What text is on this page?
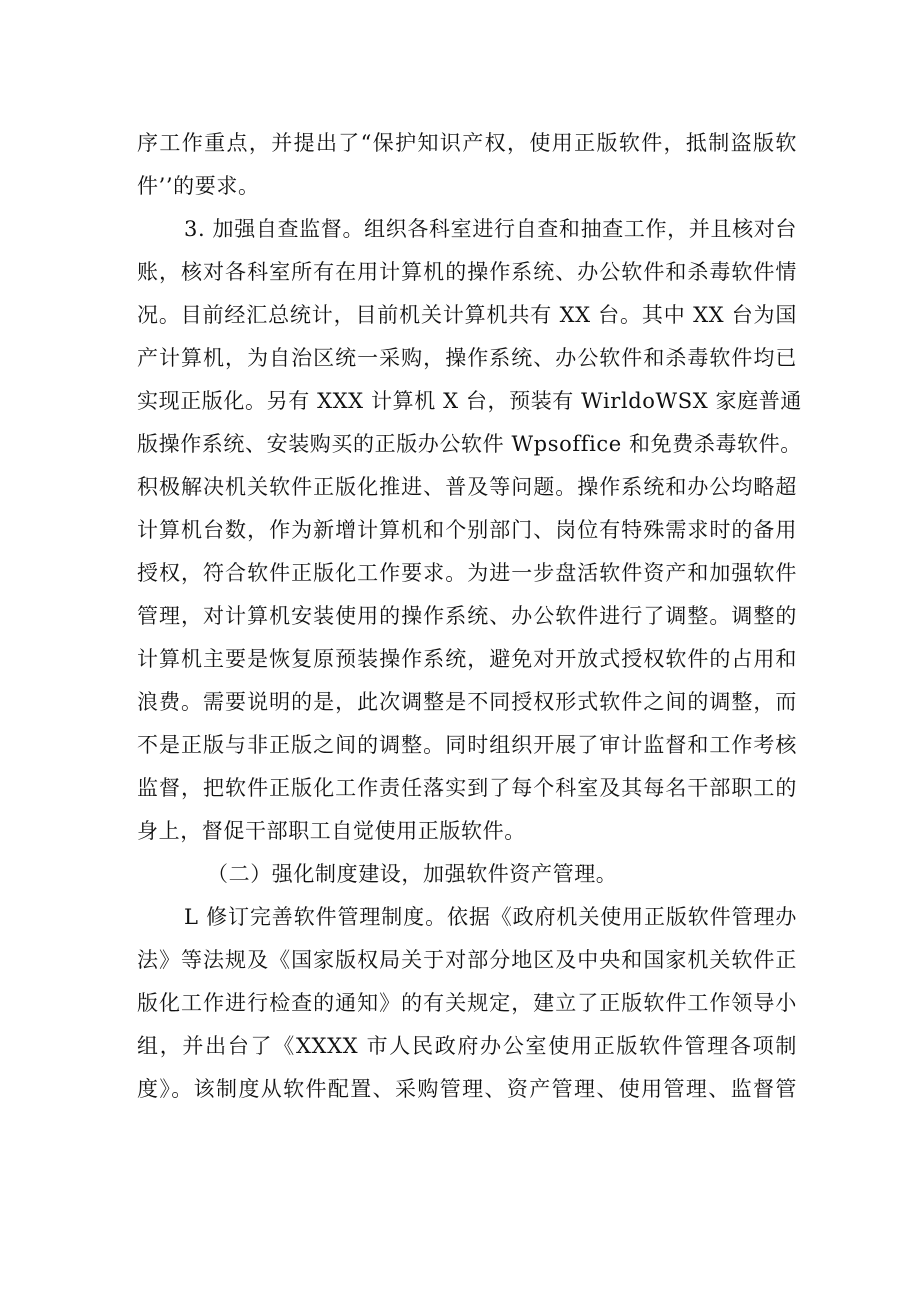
序工作重点，并提出了“保护知识产权，使用正版软件，抵制盗版软
件’’的要求。
3. 加强自查监督。组织各科室进行自查和抽查工作，并且核对台
账，核对各科室所有在用计算机的操作系统、办公软件和杀毒软件情
况。目前经汇总统计，目前机关计算机共有 XX 台。其中 XX 台为国
产计算机，为自治区统一采购，操作系统、办公软件和杀毒软件均已
实现正版化。另有 XXX 计算机 X 台，预装有 WirldoWSX 家庭普通
版操作系统、安装购买的正版办公软件 Wpsoffice 和免费杀毒软件。
积极解决机关软件正版化推进、普及等问题。操作系统和办公均略超
计算机台数，作为新增计算机和个别部门、岗位有特殊需求时的备用
授权，符合软件正版化工作要求。为进一步盘活软件资产和加强软件
管理，对计算机安装使用的操作系统、办公软件进行了调整。调整的
计算机主要是恢复原预装操作系统，避免对开放式授权软件的占用和
浪费。需要说明的是，此次调整是不同授权形式软件之间的调整，而
不是正版与非正版之间的调整。同时组织开展了审计监督和工作考核
监督，把软件正版化工作责任落实到了每个科室及其每名干部职工的
身上，督促干部职工自觉使用正版软件。
（二）强化制度建设，加强软件资产管理。
L 修订完善软件管理制度。依据《政府机关使用正版软件管理办
法》等法规及《国家版权局关于对部分地区及中央和国家机关软件正
版化工作进行检查的通知》的有关规定，建立了正版软件工作领导小
组，并出台了《XXXX 市人民政府办公室使用正版软件管理各项制
度》。该制度从软件配置、采购管理、资产管理、使用管理、监督管
